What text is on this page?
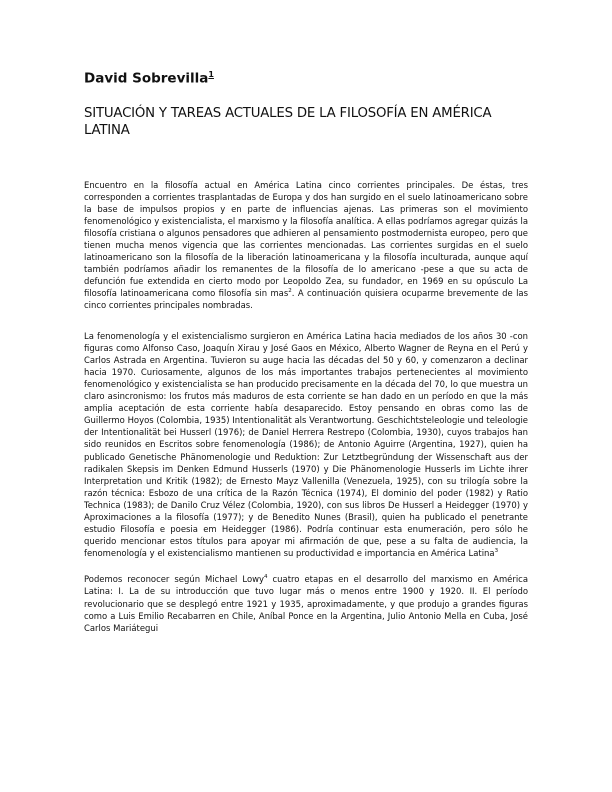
David Sobrevilla$^1$
SITUACIÓN Y TAREAS ACTUALES DE LA FILOSOFÍA EN AMÉRICA LATINA

Encuentro en la filosofía actual en América Latina cinco corrientes principales. De éstas, tres corresponden a corrientes trasplantadas de Europa y dos han surgido en el suelo latinoamericano sobre la base de impulsos propios y en parte de influencias ajenas. Las primeras son el movimiento fenomenológico y existencialista, el marxismo y la filosofía analítica. A ellas podríamos agregar quizás la filosofía cristiana o algunos pensadores que adhieren al pensamiento postmodernista europeo, pero que tienen mucha menos vigencia que las corrientes mencionadas. Las corrientes surgidas en el suelo latinoamericano son la filosofía de la liberación latinoamericana y la filosofía inculturada, aunque aquí también podríamos añadir los remanentes de la filosofía de lo americano -pese a que su acta de defunción fue extendida en cierto modo por Leopoldo Zea, su fundador, en 1969 en su opúsculo La filosofía latinoamericana como filosofía sin mas$^2$. A continuación quisiera ocuparme brevemente de las cinco corrientes principales nombradas.

La fenomenología y el existencialismo surgieron en América Latina hacia mediados de los años 30 -con figuras como Alfonso Caso, Joaquín Xirau y José Gaos en México, Alberto Wagner de Reyna en el Perú y Carlos Astrada en Argentina. Tuvieron su auge hacia las décadas del 50 y 60, y comenzaron a declinar hacia 1970. Curiosamente, algunos de los más importantes trabajos pertenecientes al movimiento fenomenológico y existencialista se han producido precisamente en la década del 70, lo que muestra un claro asincronismo: los frutos más maduros de esta corriente se han dado en un período en que la más amplia aceptación de esta corriente había desaparecido. Estoy pensando en obras como las de Guillermo Hoyos (Colombia, 1935) Intentionalität als Verantwortung. Geschichtsteleologie und teleologie der Intentionalität bei Husserl (1976); de Daniel Herrera Restrepo (Colombia, 1930), cuyos trabajos han sido reunidos en Escritos sobre fenomenología (1986); de Antonio Aguirre (Argentina, 1927), quien ha publicado Genetische Phänomenologie und Reduktion: Zur Letztbegründung der Wissenschaft aus der radikalen Skepsis im Denken Edmund Husserls (1970) y Die Phänomenologie Husserls im Lichte ihrer Interpretation und Kritik (1982); de Ernesto Mayz Vallenilla (Venezuela, 1925), con su trilogía sobre la razón técnica: Esbozo de una crítica de la Razón Técnica (1974), El dominio del poder (1982) y Ratio Technica (1983); de Danilo Cruz Vélez (Colombia, 1920), con sus libros De Husserl a Heidegger (1970) y Aproximaciones a la filosofía (1977); y de Benedito Nunes (Brasil), quien ha publicado el penetrante estudio Filosofía e poesia em Heidegger (1986). Podría continuar esta enumeración, pero sólo he querido mencionar estos títulos para apoyar mi afirmación de que, pese a su falta de audiencia, la fenomenología y el existencialismo mantienen su productividad e importancia en América Latina$^3$

Podemos reconocer según Michael Lowy$^4$ cuatro etapas en el desarrollo del marxismo en América Latina: I. La de su introducción que tuvo lugar más o menos entre 1900 y 1920. II. El período revolucionario que se desplegó entre 1921 y 1935, aproximadamente, y que produjo a grandes figuras como a Luis Emilio Recabarren en Chile, Aníbal Ponce en la Argentina, Julio Antonio Mella en Cuba, José Carlos Mariátegui
